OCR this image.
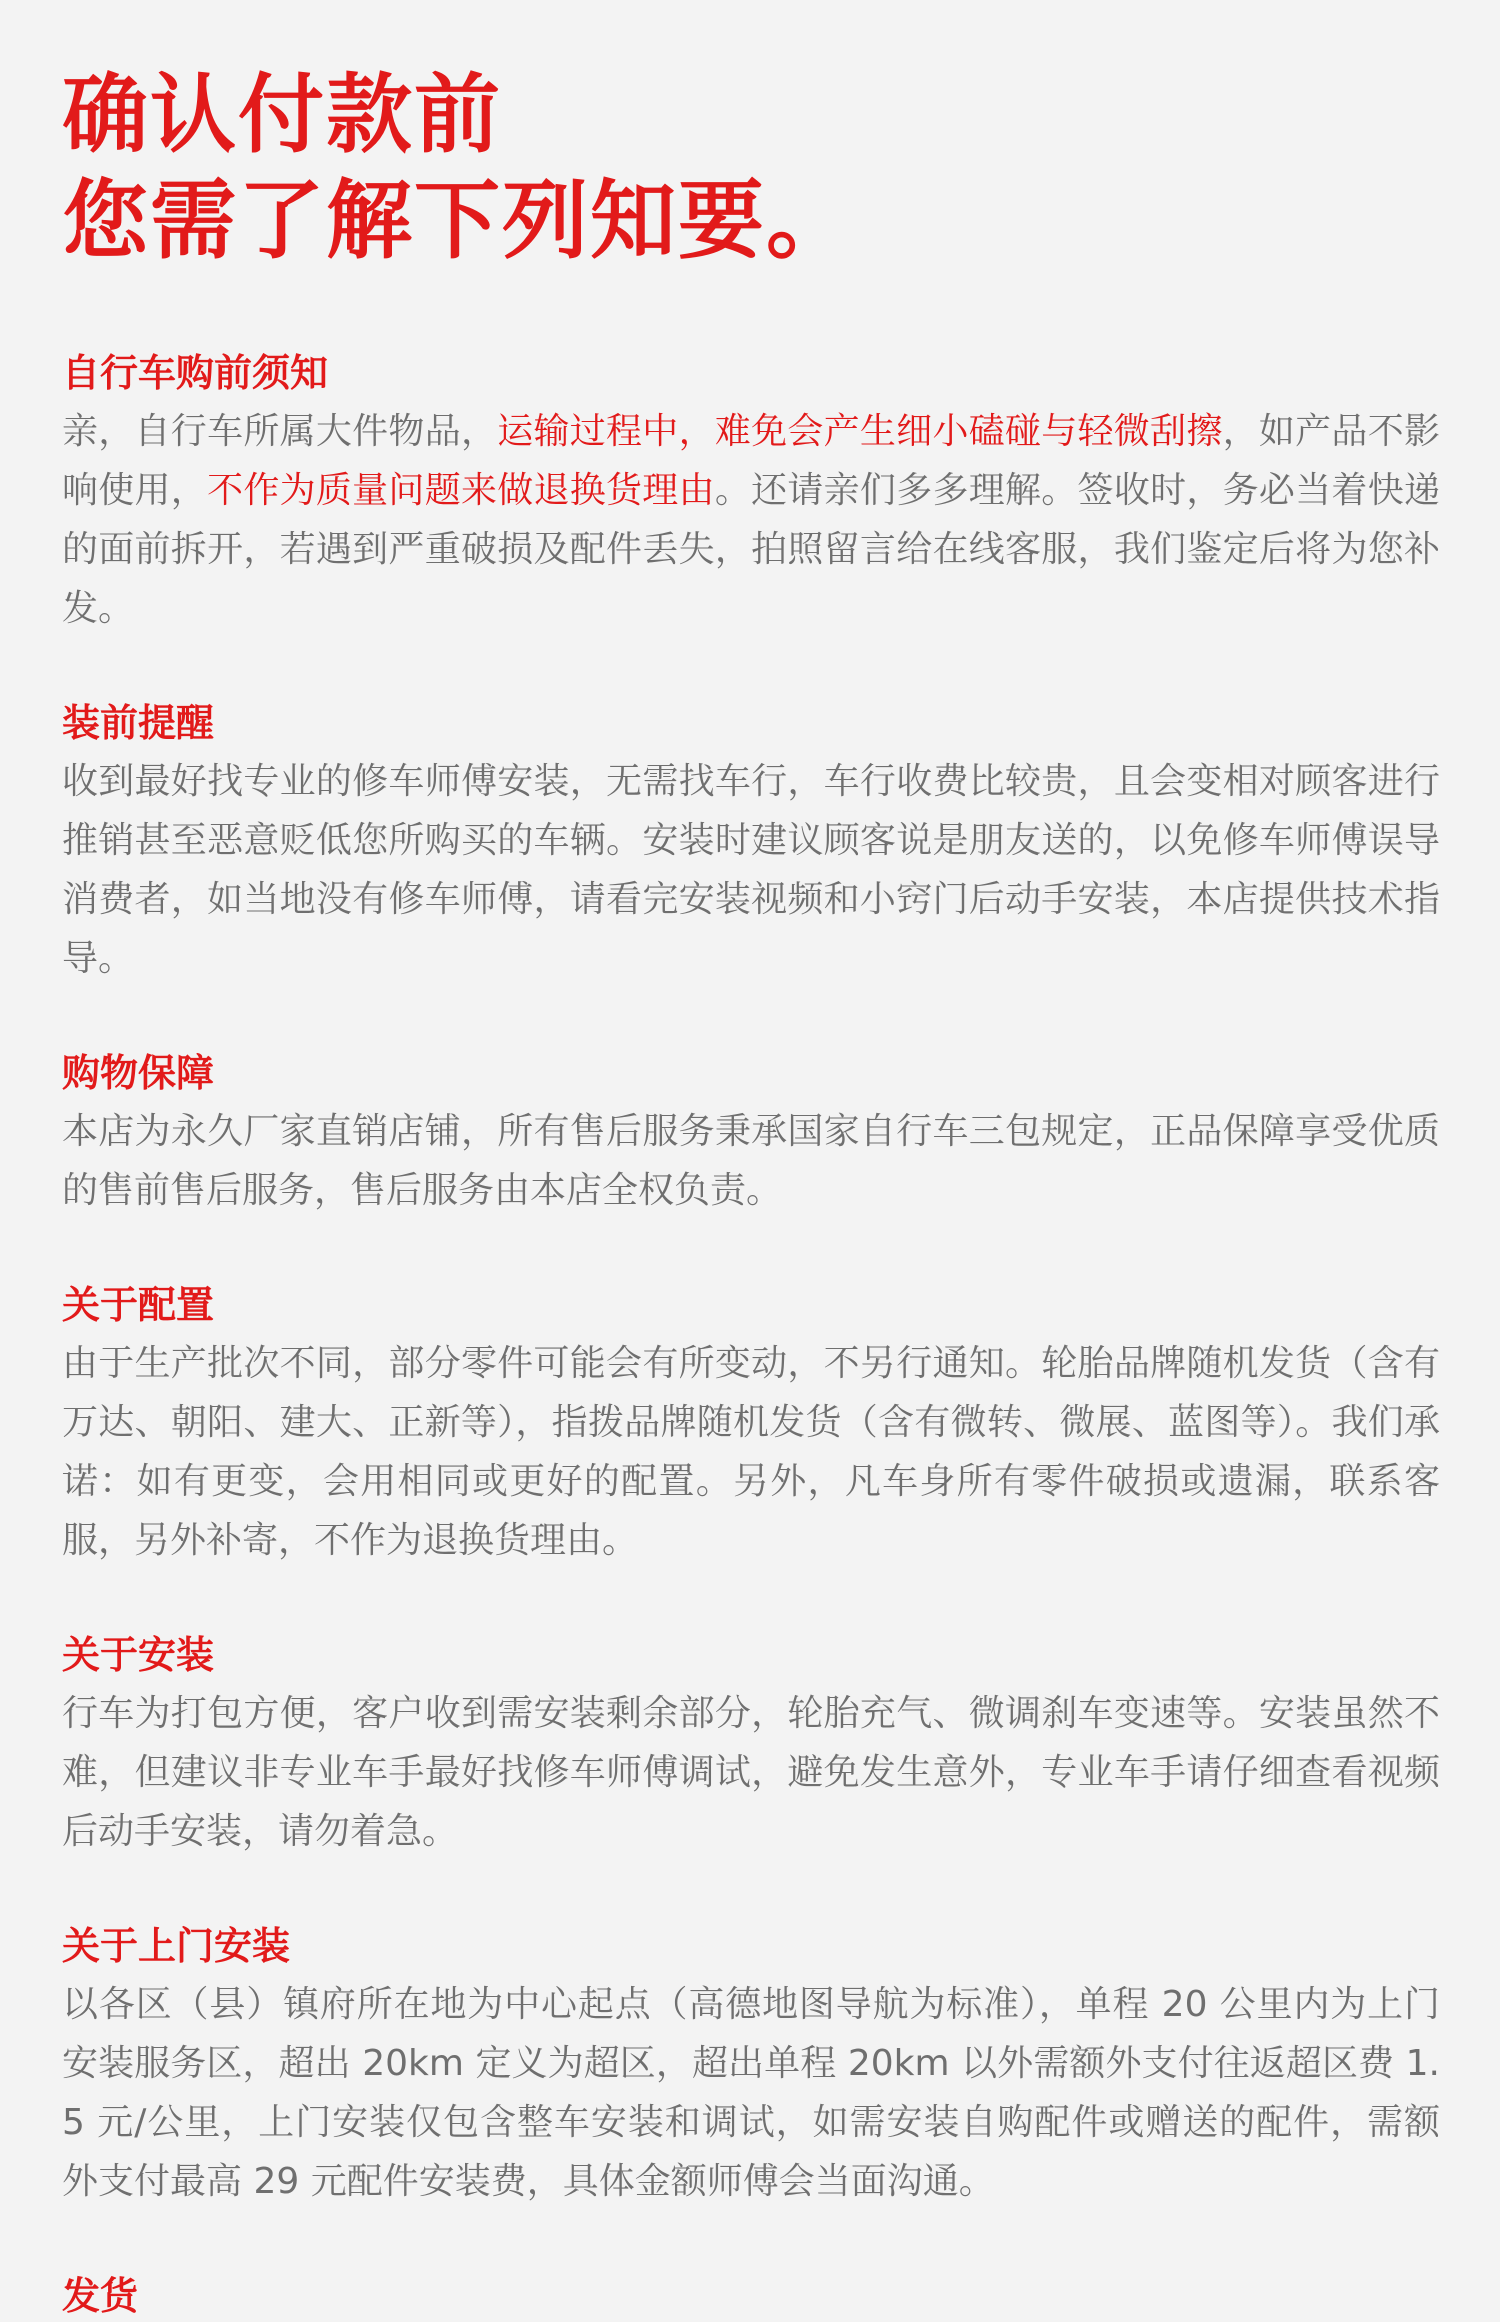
确认付款前
您需了解下列知要。
自行车购前须知

亲，自行车所属大件物品，运输过程中，难免会产生细小磕碰与轻微刮擦，如产品不影响使用，不作为质量问题来做退换货理由。还请亲们多多理解。签收时，务必当着快递的面前拆开，若遇到严重破损及配件丢失，拍照留言给在线客服，我们鉴定后将为您补发。

装前提醒

收到最好找专业的修车师傅安装，无需找车行，车行收费比较贵，且会变相对顾客进行推销甚至恶意贬低您所购买的车辆。安装时建议顾客说是朋友送的，以免修车师傅误导消费者，如当地没有修车师傅，请看完安装视频和小窍门后动手安装，本店提供技术指导。

购物保障

本店为永久厂家直销店铺，所有售后服务秉承国家自行车三包规定，正品保障享受优质的售前售后服务，售后服务由本店全权负责。

关于配置

由于生产批次不同，部分零件可能会有所变动，不另行通知。轮胎品牌随机发货（含有万达、朝阳、建大、正新等），指拨品牌随机发货（含有微转、微展、蓝图等）。我们承诺：如有更变，会用相同或更好的配置。另外，凡车身所有零件破损或遗漏，联系客服，另外补寄，不作为退换货理由。

关于安装

行车为打包方便，客户收到需安装剩余部分，轮胎充气、微调刹车变速等。安装虽然不难，但建议非专业车手最好找修车师傅调试，避免发生意外，专业车手请仔细查看视频后动手安装，请勿着急。

关于上门安装

以各区（县）镇府所在地为中心起点（高德地图导航为标准），单程 20 公里内为上门安装服务区，超出 20km 定义为超区，超出单程 20km 以外需额外支付往返超区费 1.5 元/公里，上门安装仅包含整车安装和调试，如需安装自购配件或赠送的配件，需额外支付最高 29 元配件安装费，具体金额师傅会当面沟通。

发货
